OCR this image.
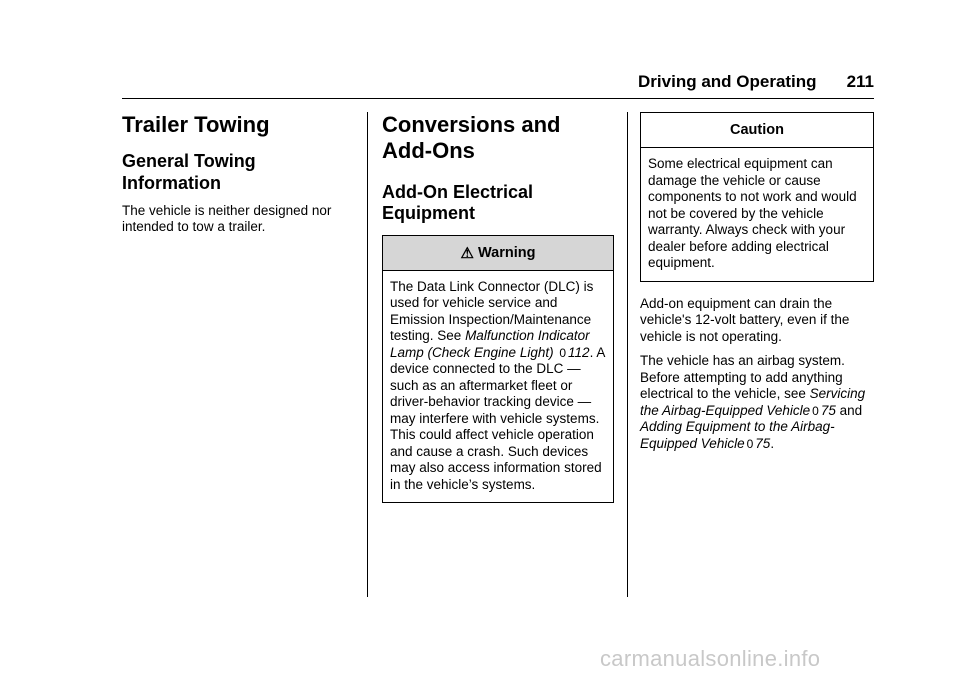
Driving and Operating 211
Trailer Towing
General Towing Information

The vehicle is neither designed nor intended to tow a trailer.

Conversions and Add-Ons
Add-On Electrical Equipment
⚠ Warning

The Data Link Connector (DLC) is used for vehicle service and Emission Inspection/Maintenance testing. See Malfunction Indicator Lamp (Check Engine Light) 0 112. A device connected to the DLC — such as an aftermarket fleet or driver-behavior tracking device — may interfere with vehicle systems. This could affect vehicle operation and cause a crash. Such devices may also access information stored in the vehicle’s systems.

Caution

Some electrical equipment can damage the vehicle or cause components to not work and would not be covered by the vehicle warranty. Always check with your dealer before adding electrical equipment.

Add-on equipment can drain the vehicle's 12-volt battery, even if the vehicle is not operating.

The vehicle has an airbag system. Before attempting to add anything electrical to the vehicle, see Servicing the Airbag-Equipped Vehicle 0 75 and Adding Equipment to the Airbag-Equipped Vehicle 0 75.

carmanualsonline.info
